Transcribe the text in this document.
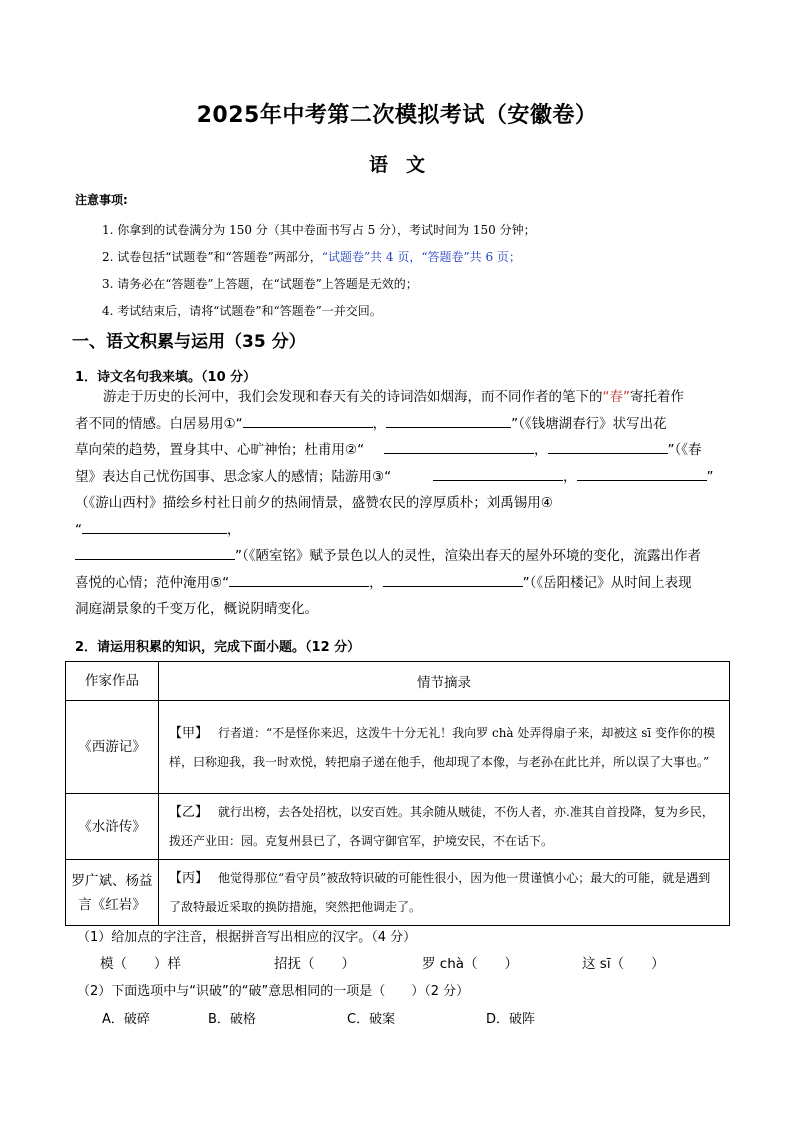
2025年中考第二次模拟考试（安徽卷）
语文
注意事项:
1. 你拿到的试卷满分为 150 分（其中卷面书写占 5 分），考试时间为 150 分钟；
2. 试卷包括“试题卷”和“答题卷”两部分，“试题卷”共 4 页，“答题卷”共 6 页；
3. 请务必在“答题卷”上答题，在“试题卷”上答题是无效的；
4. 考试结束后，请将“试题卷”和“答题卷”一并交回。
一、语文积累与运用（35 分）
1．诗文名句我来填。（10 分）
游走于历史的长河中，我们会发现和春天有关的诗词浩如烟海，而不同作者的笔下的“春”寄托着作
者不同的情感。白居易用①“	，	”（《钱塘湖春行》状写出花
草向荣的趋势，置身其中、心旷神怡；杜甫用②“
望》表达自己忧伤国事、思念家人的感情；陆游用③“
（《游山西村》描绘乡村社日前夕的热闹情景，盛赞农民的淳厚质朴；刘禹锡用④
“	，
”（《陋室铭》赋予景色以人的灵性，渲染出春天的屋外环境的变化，流露出作者
喜悦的心情；范仲淹用⑤“	，	”（《岳阳楼记》从时间上表现
洞庭湖景象的千变万化，概说阴晴变化。
，	”（《春
，	”
2．请运用积累的知识，完成下面小题。（12 分）
作家作品	情节摘录
《西游记》	【甲】 行者道：“不是怪你来迟，这泼牛十分无礼！我向罗 chà 处弄得扇子来，却被这 sī 变作你的模样，曰称迎我，我一时欢悦，转把扇子递在他手，他却现了本像，与老孙在此比并，所以误了大事也。”
《水浒传》	【乙】 就行出榜，去各处招枕，以安百姓。其余随从贼徒，不伤人者，亦.准其自首投降，复为乡民，拨还产业田：园。克复州县已了，各调守御官军，护境安民，不在话下。
罗广斌、杨益言《红岩》	【丙】 他觉得那位“看守员”被敌特识破的可能性很小，因为他一贯谨慎小心；最大的可能，就是遇到了敌特最近采取的换防措施，突然把他调走了。
（1）给加点的字注音，根据拼音写出相应的汉字。（4 分）
模（　　）样	招抚（　　）	罗 chà（　　）	这 sī（　　）
（2）下面选项中与“识破”的“破”意思相同的一项是（　　）（2 分）
A．破碎	B．破格	C．破案	D．破阵
